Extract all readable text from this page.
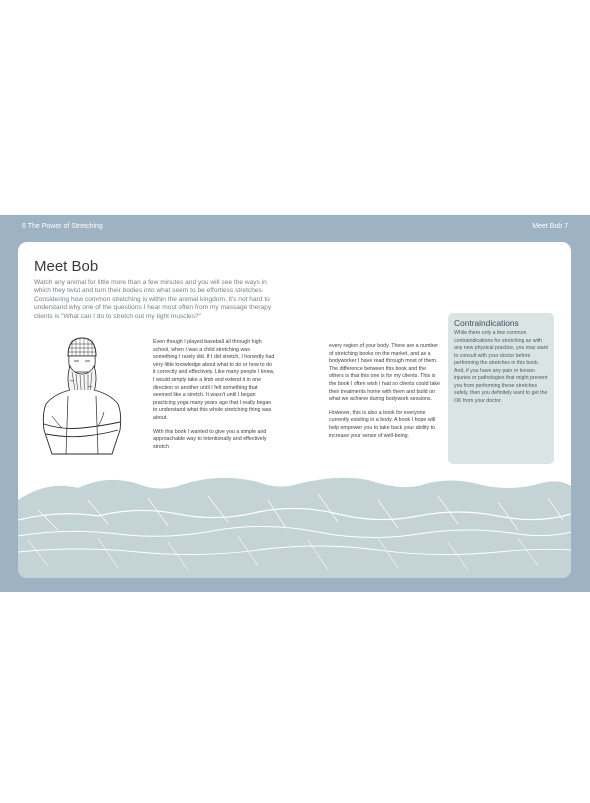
6 The Power of Stretching	Meet Bob 7
Meet Bob

Watch any animal for little more than a few minutes and you will see the ways in which they twist and turn their bodies into what seem to be effortless stretches. Considering how common stretching is within the animal kingdom, it's not hard to understand why one of the questions I hear most often from my massage therapy clients is "What can I do to stretch out my tight muscles?"

Even though I played baseball all through high school, when I was a child stretching was something I rarely did. If I did stretch, I honestly had very little knowledge about what to do or how to do it correctly and effectively. Like many people I knew, I would simply take a limb and extend it in one direction or another until I felt something that seemed like a stretch. It wasn't until I began practicing yoga many years ago that I really began to understand what this whole stretching thing was about.

With this book I wanted to give you a simple and approachable way to intentionally and effectively stretch

every region of your body. There are a number of stretching books on the market, and as a bodyworker I have read through most of them. The difference between this book and the others is that this one is for my clients. This is the book I often wish I had so clients could take their treatments home with them and build on what we achieve during bodywork sessions.

However, this is also a book for everyone currently existing in a body. A book I hope will help empower you to take back your ability to increase your sense of well-being.

Contraindications

While there only a few common contraindications for stretching as with any new physical practice, you may want to consult with your doctor before performing the stretches in this book. And, if you have any pain or known injuries or pathologies that might prevent you from performing these stretches safely, then you definitely want to get the OK from your doctor.
